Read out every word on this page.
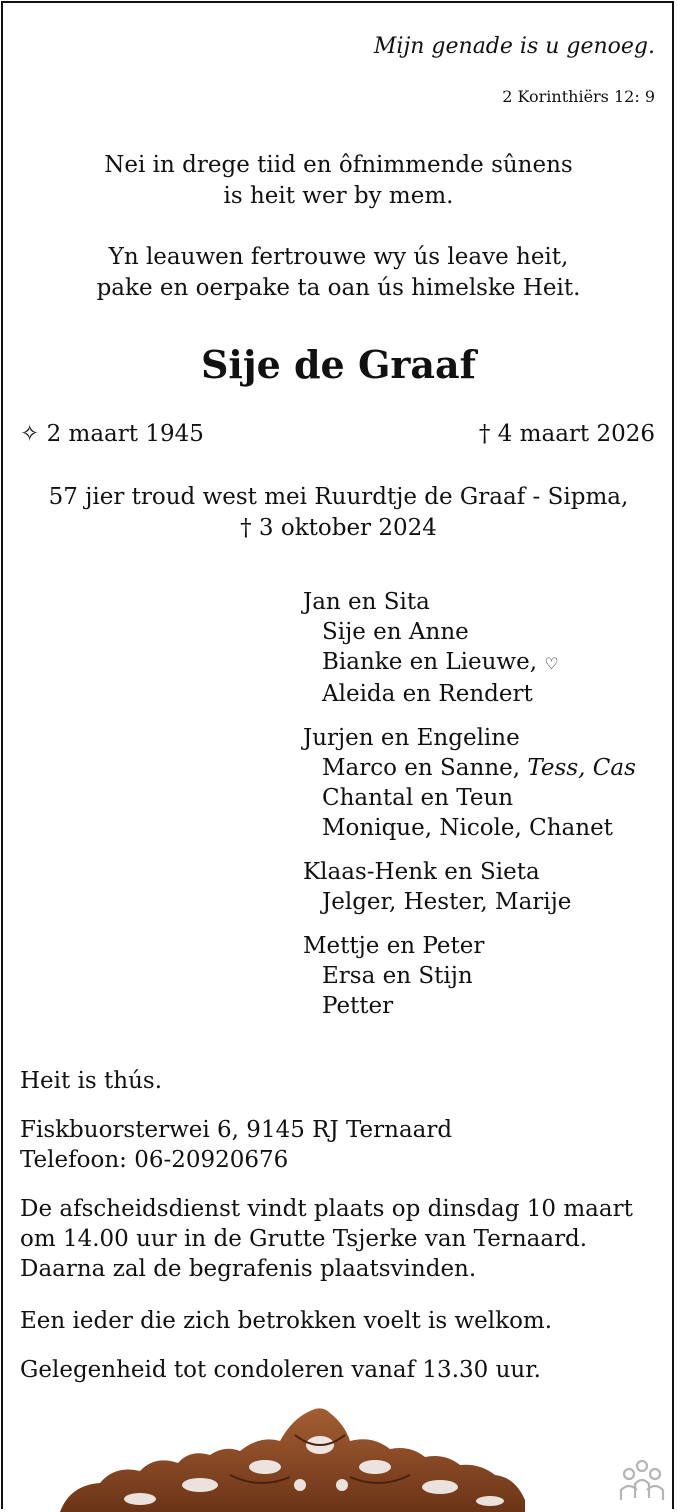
Mijn genade is u genoeg.
2 Korinthiërs 12: 9
Nei in drege tiid en ôfnimmende sûnens
is heit wer by mem.
Yn leauwen fertrouwe wy ús leave heit,
pake en oerpake ta oan ús himelske Heit.
Sije de Graaf
✧ 2 maart 1945	† 4 maart 2026
57 jier troud west mei Ruurdtje de Graaf - Sipma,
† 3 oktober 2024
Jan en Sita
Sije en Anne
Bianke en Lieuwe, ♡
Aleida en Rendert
Jurjen en Engeline
Marco en Sanne, Tess, Cas
Chantal en Teun
Monique, Nicole, Chanet
Klaas-Henk en Sieta
Jelger, Hester, Marije
Mettje en Peter
Ersa en Stijn
Petter
Heit is thús.
Fiskbuorsterwei 6, 9145 RJ Ternaard
Telefoon: 06-20920676
De afscheidsdienst vindt plaats op dinsdag 10 maart
om 14.00 uur in de Grutte Tsjerke van Ternaard.
Daarna zal de begrafenis plaatsvinden.
Een ieder die zich betrokken voelt is welkom.
Gelegenheid tot condoleren vanaf 13.30 uur.
